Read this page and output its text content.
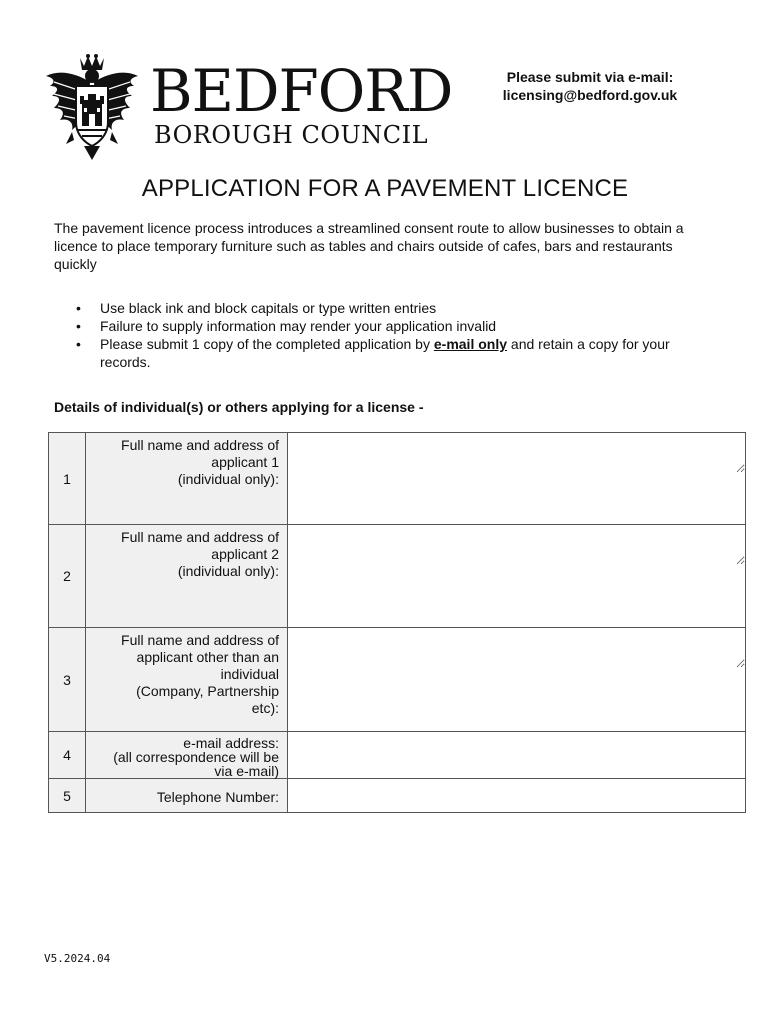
BEDFORD
BOROUGH COUNCIL
Please submit via e-mail:
licensing@bedford.gov.uk
APPLICATION FOR A PAVEMENT LICENCE
The pavement licence process introduces a streamlined consent route to allow businesses to obtain a licence to place temporary furniture such as tables and chairs outside of cafes, bars and restaurants quickly
• Use black ink and block capitals or type written entries
• Failure to supply information may render your application invalid
• Please submit 1 copy of the completed application by e-mail only and retain a copy for your records.
Details of individual(s) or others applying for a license -
1	Full name and address of
applicant 1
(individual only):

2	Full name and address of
applicant 2
(individual only):

3	Full name and address of
applicant other than an
individual
(Company, Partnership
etc):

4	e-mail address:
(all correspondence will be
via e-mail)

5	Telephone Number:

V5.2024.04
